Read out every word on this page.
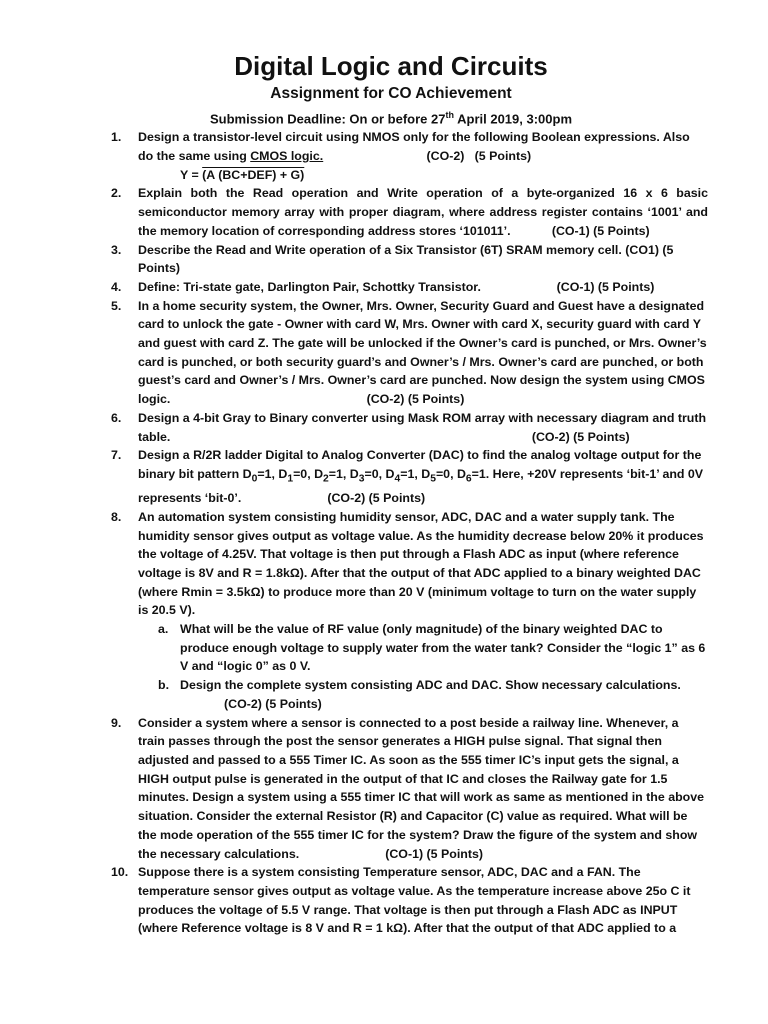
Digital Logic and Circuits
Assignment for CO Achievement
Submission Deadline: On or before 27th April 2019, 3:00pm
1. Design a transistor-level circuit using NMOS only for the following Boolean expressions. Also do the same using CMOS logic.                              (CO-2)   (5 Points)
Y = (A (BC+DEF) + G)
2. Explain both the Read operation and Write operation of a byte-organized 16 x 6 basic semiconductor memory array with proper diagram, where address register contains ‘1001’ and the memory location of corresponding address stores ‘101011’.            (CO-1) (5 Points)
3. Describe the Read and Write operation of a Six Transistor (6T) SRAM memory cell. (CO1) (5 Points)
4. Define: Tri-state gate, Darlington Pair, Schottky Transistor.                      (CO-1) (5 Points)
5. In a home security system, the Owner, Mrs. Owner, Security Guard and Guest have a designated card to unlock the gate - Owner with card W, Mrs. Owner with card X, security guard with card Y and guest with card Z. The gate will be unlocked if the Owner’s card is punched, or Mrs. Owner’s card is punched, or both security guard’s and Owner’s / Mrs. Owner’s card are punched, or both guest’s card and Owner’s / Mrs. Owner’s card are punched. Now design the system using CMOS logic.                                                         (CO-2) (5 Points)
6. Design a 4-bit Gray to Binary converter using Mask ROM array with necessary diagram and truth table.                                                                                                         (CO-2) (5 Points)
7. Design a R/2R ladder Digital to Analog Converter (DAC) to find the analog voltage output for the binary bit pattern $D_0=1$, $D_1=0$, $D_2=1$, $D_3=0$, $D_4=1$, $D_5=0$, $D_6=1$. Here, +20V represents ‘bit-1’ and 0V represents ‘bit-0’.                         (CO-2) (5 Points)
8. An automation system consisting humidity sensor, ADC, DAC and a water supply tank. The humidity sensor gives output as voltage value. As the humidity decrease below 20% it produces the voltage of 4.25V. That voltage is then put through a Flash ADC as input (where reference voltage is 8V and R = 1.8kΩ). After that the output of that ADC applied to a binary weighted DAC (where Rmin = 3.5kΩ) to produce more than 20 V (minimum voltage to turn on the water supply is 20.5 V).
a. What will be the value of RF value (only magnitude) of the binary weighted DAC to produce enough voltage to supply water from the water tank? Consider the “logic 1” as 6 V and “logic 0” as 0 V.
b. Design the complete system consisting ADC and DAC. Show necessary calculations.
(CO-2) (5 Points)
9. Consider a system where a sensor is connected to a post beside a railway line. Whenever, a train passes through the post the sensor generates a HIGH pulse signal. That signal then adjusted and passed to a 555 Timer IC. As soon as the 555 timer IC’s input gets the signal, a HIGH output pulse is generated in the output of that IC and closes the Railway gate for 1.5 minutes. Design a system using a 555 timer IC that will work as same as mentioned in the above situation. Consider the external Resistor (R) and Capacitor (C) value as required. What will be the mode operation of the 555 timer IC for the system? Draw the figure of the system and show the necessary calculations.                         (CO-1) (5 Points)
10. Suppose there is a system consisting Temperature sensor, ADC, DAC and a FAN. The temperature sensor gives output as voltage value. As the temperature increase above 25o C it produces the voltage of 5.5 V range. That voltage is then put through a Flash ADC as INPUT (where Reference voltage is 8 V and R = 1 kΩ). After that the output of that ADC applied to a
